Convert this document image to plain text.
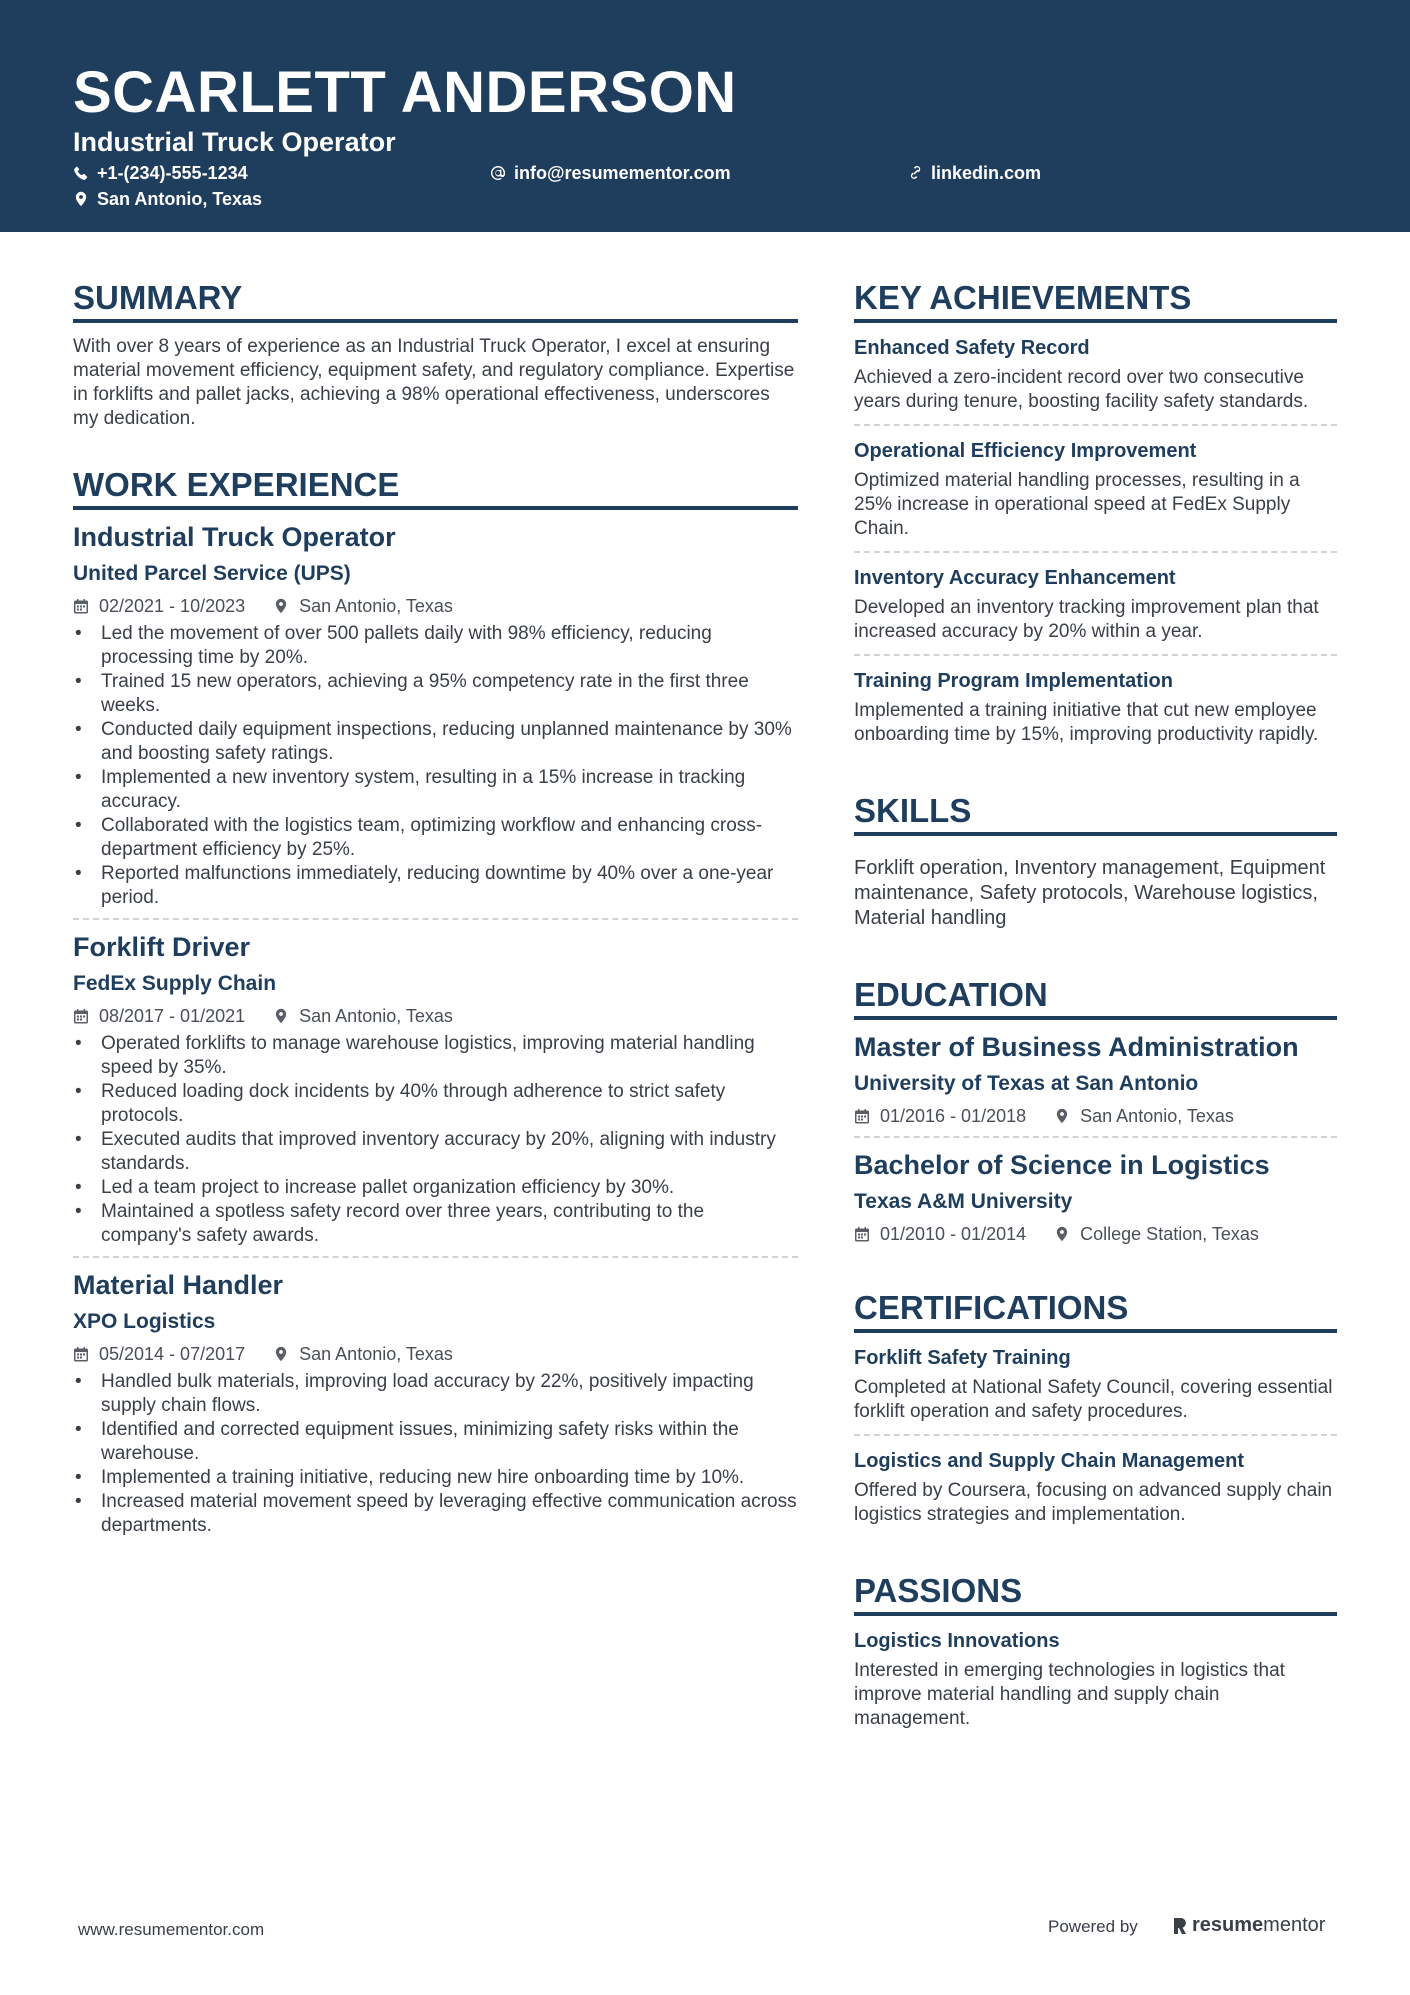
SCARLETT ANDERSON
Industrial Truck Operator
+1-(234)-555-1234	info@resumementor.com	linkedin.com
San Antonio, Texas
SUMMARY

With over 8 years of experience as an Industrial Truck Operator, I excel at ensuring material movement efficiency, equipment safety, and regulatory compliance. Expertise in forklifts and pallet jacks, achieving a 98% operational effectiveness, underscores my dedication.

WORK EXPERIENCE
Industrial Truck Operator
United Parcel Service (UPS)
02/2021 - 10/2023	San Antonio, Texas
• Led the movement of over 500 pallets daily with 98% efficiency, reducing processing time by 20%.
• Trained 15 new operators, achieving a 95% competency rate in the first three weeks.
• Conducted daily equipment inspections, reducing unplanned maintenance by 30% and boosting safety ratings.
• Implemented a new inventory system, resulting in a 15% increase in tracking accuracy.
• Collaborated with the logistics team, optimizing workflow and enhancing cross-department efficiency by 25%.
• Reported malfunctions immediately, reducing downtime by 40% over a one-year period.
Forklift Driver
FedEx Supply Chain
08/2017 - 01/2021	San Antonio, Texas
• Operated forklifts to manage warehouse logistics, improving material handling speed by 35%.
• Reduced loading dock incidents by 40% through adherence to strict safety protocols.
• Executed audits that improved inventory accuracy by 20%, aligning with industry standards.
• Led a team project to increase pallet organization efficiency by 30%.
• Maintained a spotless safety record over three years, contributing to the company's safety awards.
Material Handler
XPO Logistics
05/2014 - 07/2017	San Antonio, Texas
• Handled bulk materials, improving load accuracy by 22%, positively impacting supply chain flows.
• Identified and corrected equipment issues, minimizing safety risks within the warehouse.
• Implemented a training initiative, reducing new hire onboarding time by 10%.
• Increased material movement speed by leveraging effective communication across departments.
KEY ACHIEVEMENTS
Enhanced Safety Record

Achieved a zero-incident record over two consecutive years during tenure, boosting facility safety standards.

Operational Efficiency Improvement

Optimized material handling processes, resulting in a 25% increase in operational speed at FedEx Supply Chain.

Inventory Accuracy Enhancement

Developed an inventory tracking improvement plan that increased accuracy by 20% within a year.

Training Program Implementation

Implemented a training initiative that cut new employee onboarding time by 15%, improving productivity rapidly.

SKILLS

Forklift operation, Inventory management, Equipment maintenance, Safety protocols, Warehouse logistics, Material handling

EDUCATION
Master of Business Administration
University of Texas at San Antonio
01/2016 - 01/2018	San Antonio, Texas
Bachelor of Science in Logistics
Texas A&M University
01/2010 - 01/2014	College Station, Texas
CERTIFICATIONS
Forklift Safety Training

Completed at National Safety Council, covering essential forklift operation and safety procedures.

Logistics and Supply Chain Management

Offered by Coursera, focusing on advanced supply chain logistics strategies and implementation.

PASSIONS
Logistics Innovations

Interested in emerging technologies in logistics that improve material handling and supply chain management.

www.resumementor.com	Powered by	resume mentor
